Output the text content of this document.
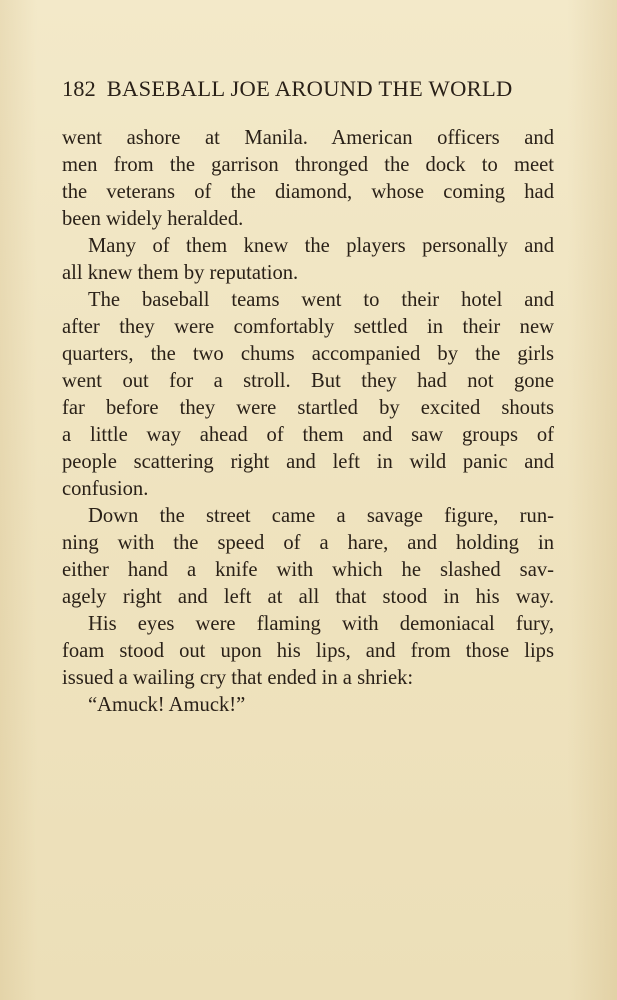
182 BASEBALL JOE AROUND THE WORLD
went ashore at Manila. American officers and
men from the garrison thronged the dock to meet
the veterans of the diamond, whose coming had
been widely heralded.
Many of them knew the players personally and
all knew them by reputation.
The baseball teams went to their hotel and
after they were comfortably settled in their new
quarters, the two chums accompanied by the girls
went out for a stroll. But they had not gone
far before they were startled by excited shouts
a little way ahead of them and saw groups of
people scattering right and left in wild panic and
confusion.
Down the street came a savage figure, run-
ning with the speed of a hare, and holding in
either hand a knife with which he slashed sav-
agely right and left at all that stood in his way.
His eyes were flaming with demoniacal fury,
foam stood out upon his lips, and from those lips
issued a wailing cry that ended in a shriek:
“Amuck! Amuck!”
